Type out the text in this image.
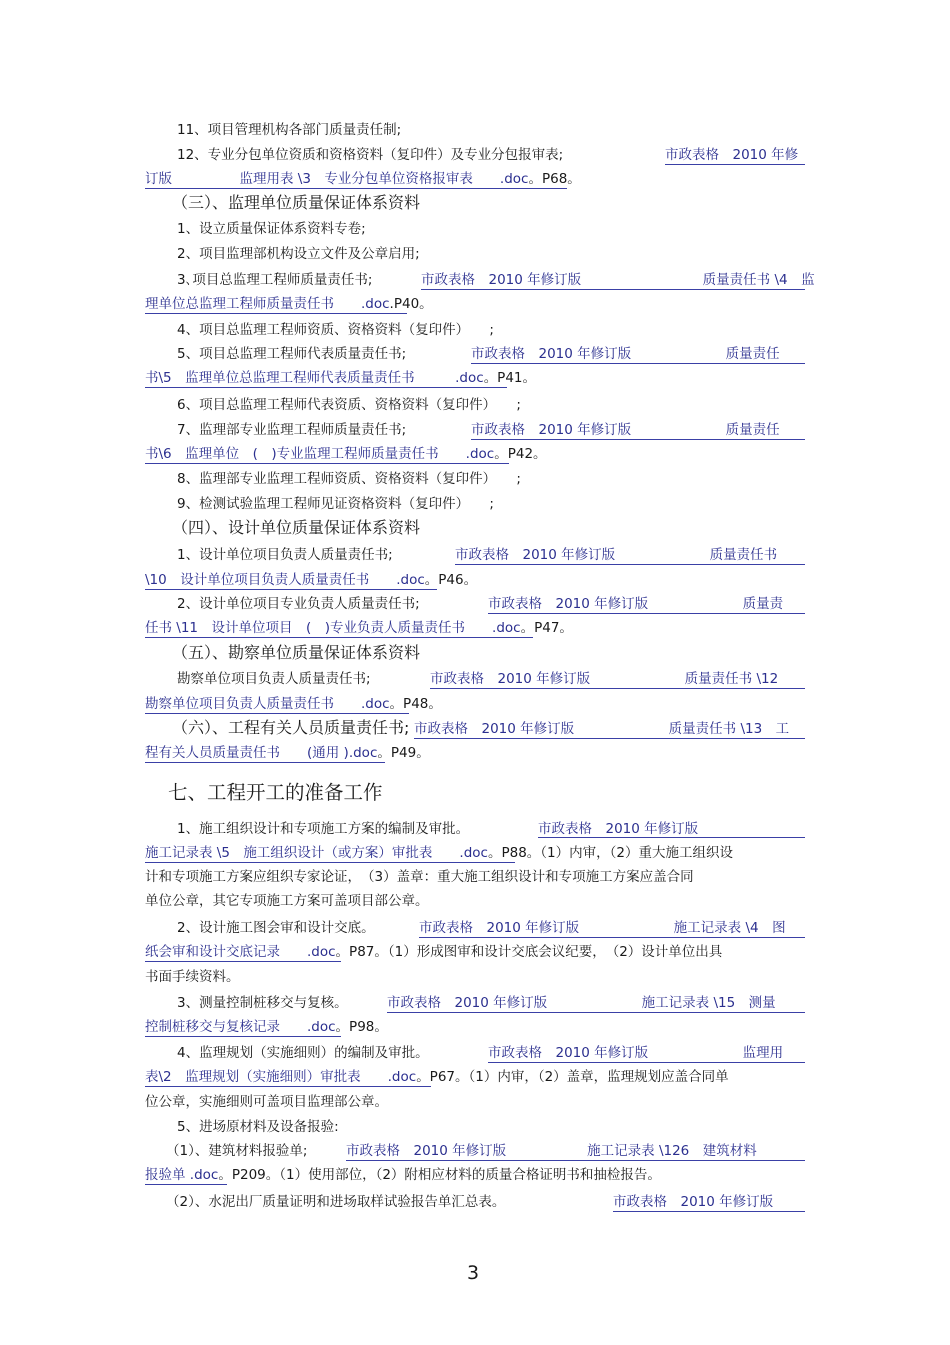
11、项目管理机构各部门质量责任制;
12、专业分包单位资质和资格资料（复印件）及专业分包报审表;	市政表格　2010 年修
订版　　　　　监理用表 \3　专业分包单位资格报审表　　.doc。P68。
（三）、监理单位质量保证体系资料
1、设立质量保证体系资料专卷;
2、项目监理部机构设立文件及公章启用;
3､项目总监理工程师质量责任书;	市政表格　2010 年修订版　　　　　　　　　质量责任书 \4　监
理单位总监理工程师质量责任书　　.doc.P40。
4、项目总监理工程师资质、资格资料（复印件）　　;
5、项目总监理工程师代表质量责任书;	市政表格　2010 年修订版　　　　　　　质量责任
书\5　监理单位总监理工程师代表质量责任书　　　.doc。P41。
6、项目总监理工程师代表资质、资格资料（复印件）　　;
7、监理部专业监理工程师质量责任书;	市政表格　2010 年修订版　　　　　　　质量责任
书\6　监理单位　(　)专业监理工程师质量责任书　　.doc。P42。
8、监理部专业监理工程师资质、资格资料（复印件）　　;
9、检测试验监理工程师见证资格资料（复印件）　　;
（四）、设计单位质量保证体系资料
1、设计单位项目负责人质量责任书;	市政表格　2010 年修订版　　　　　　　质量责任书
\10　设计单位项目负责人质量责任书　　.doc。P46。
2、设计单位项目专业负责人质量责任书;	市政表格　2010 年修订版　　　　　　　质量责
任书 \11　设计单位项目　(　)专业负责人质量责任书　　.doc。P47。
（五）、勘察单位质量保证体系资料
勘察单位项目负责人质量责任书;	市政表格　2010 年修订版　　　　　　　质量责任书 \12
勘察单位项目负责人质量责任书　　.doc。P48。
（六）、工程有关人员质量责任书; 市政表格　2010 年修订版　　　　　　　质量责任书 \13　工
程有关人员质量责任书　　(通用 ).doc。P49。
七、工程开工的准备工作
1、施工组织设计和专项施工方案的编制及审批。	市政表格　2010 年修订版
施工记录表 \5　施工组织设计（或方案）审批表　　.doc。P88。（1）内审，（2）重大施工组织设
计和专项施工方案应组织专家论证，　（3）盖章：重大施工组织设计和专项施工方案应盖合同
单位公章，其它专项施工方案可盖项目部公章。
2、设计施工图会审和设计交底。	市政表格　2010 年修订版　　　　　　　施工记录表 \4　图
纸会审和设计交底记录　　.doc。P87。（1）形成图审和设计交底会议纪要，　（2）设计单位出具
书面手续资料。
3、测量控制桩移交与复核。	市政表格　2010 年修订版　　　　　　　施工记录表 \15　测量
控制桩移交与复核记录　　.doc。P98。
4、监理规划（实施细则）的编制及审批。	市政表格　2010 年修订版　　　　　　　监理用
表\2　监理规划（实施细则）审批表　　.doc。P67。（1）内审，（2）盖章，监理规划应盖合同单
位公章，实施细则可盖项目监理部公章。
5、进场原材料及设备报验:
（1）、建筑材料报验单;	市政表格　2010 年修订版　　　　　　施工记录表 \126　建筑材料
报验单 .doc。P209。（1）使用部位，（2）附相应材料的质量合格证明书和抽检报告。
（2）、水泥出厂质量证明和进场取样试验报告单汇总表。	市政表格　2010 年修订版
3
